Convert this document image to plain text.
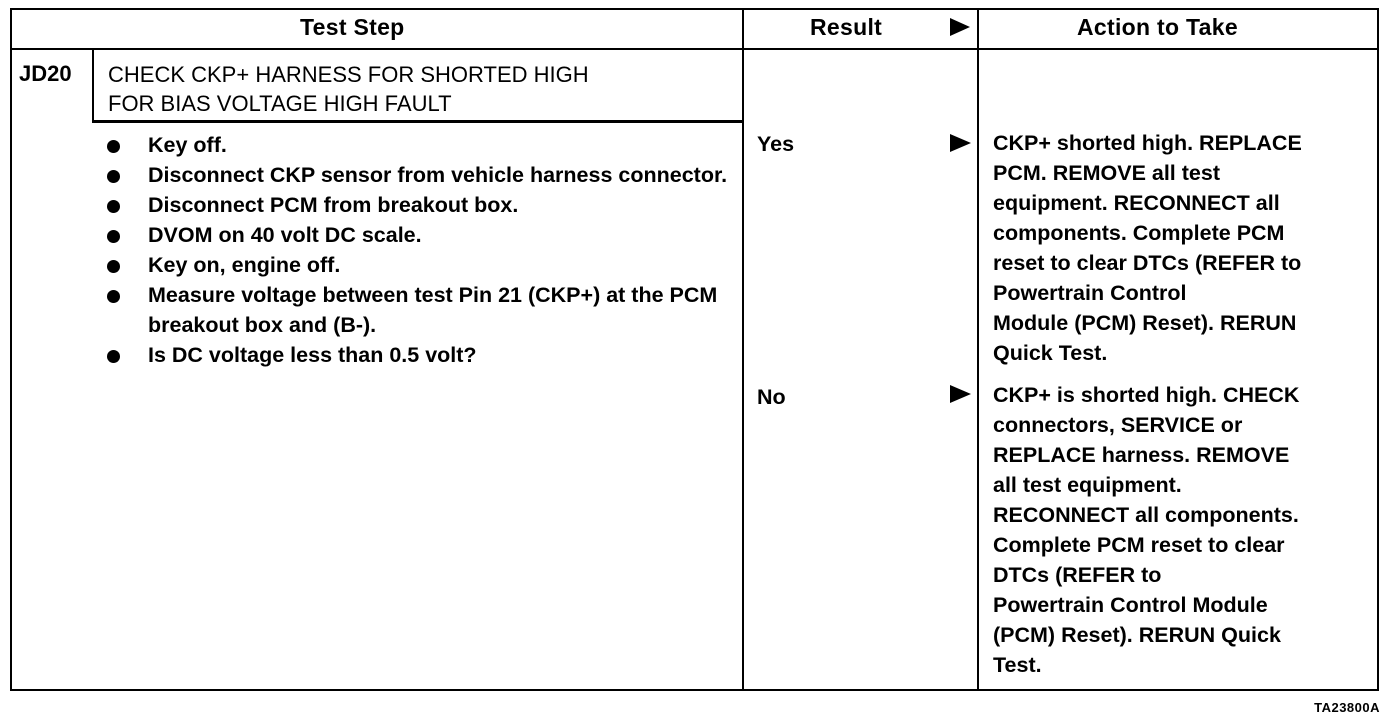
Test Step	Result	Action to Take
JD20 CHECK CKP+ HARNESS FOR SHORTED HIGH
FOR BIAS VOLTAGE HIGH FAULT
Key off.
Disconnect CKP sensor from vehicle harness connector.
Disconnect PCM from breakout box.
DVOM on 40 volt DC scale.
Key on, engine off.
Measure voltage between test Pin 21 (CKP+) at the PCM breakout box and (B-).
Is DC voltage less than 0.5 volt?
Yes	CKP+ shorted high. REPLACE
PCM. REMOVE all test
equipment. RECONNECT all
components. Complete PCM
reset to clear DTCs (REFER to
Powertrain Control
Module (PCM) Reset). RERUN
Quick Test.
No	CKP+ is shorted high. CHECK
connectors, SERVICE or
REPLACE harness. REMOVE
all test equipment.
RECONNECT all components.
Complete PCM reset to clear
DTCs (REFER to
Powertrain Control Module
(PCM) Reset). RERUN Quick
Test.
TA23800A
